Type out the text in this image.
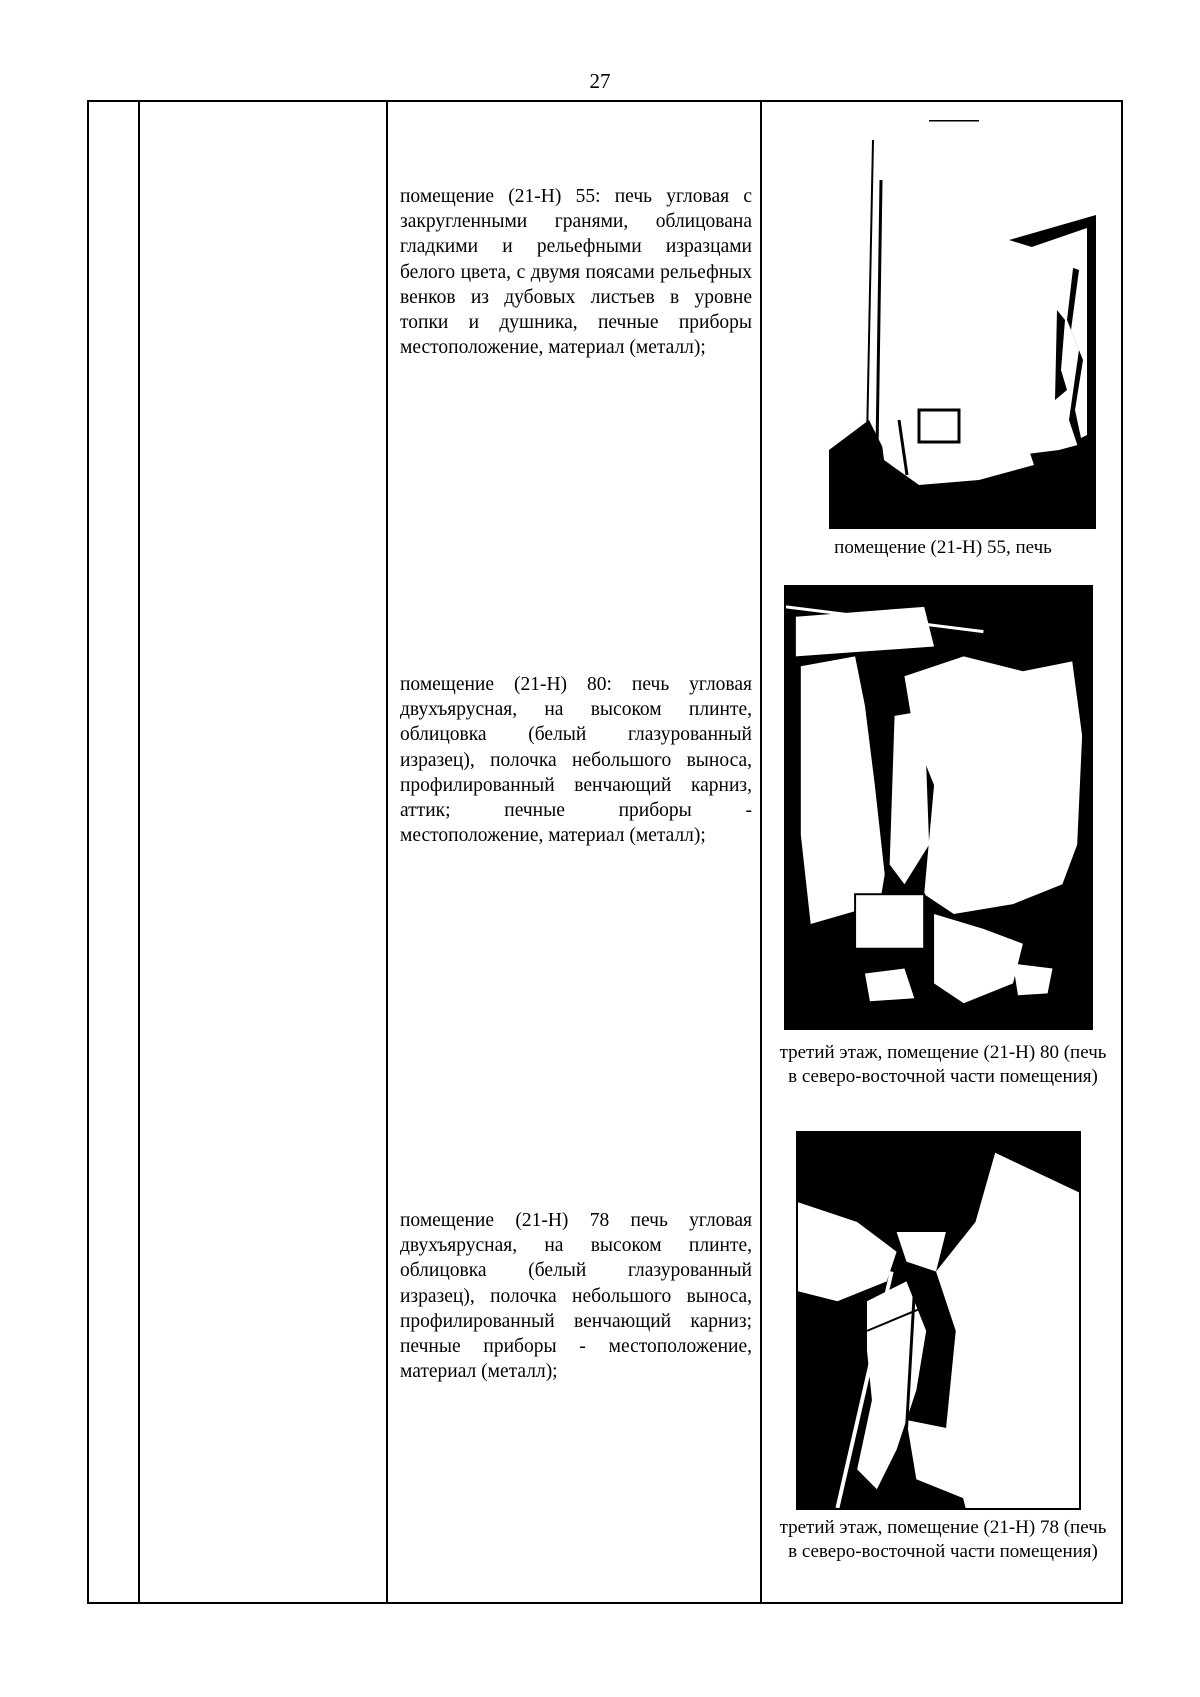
27
помещение (21-Н) 55: печь угловая с закругленными гранями, облицована гладкими и рельефными изразцами белого цвета, с двумя поясами рельефных венков из дубовых листьев в уровне топки и душника, печные приборы местоположение, материал (металл);
помещение (21-Н) 55, печь
помещение (21-Н) 80: печь угловая двухъярусная, на высоком плинте, облицовка (белый глазурованный изразец), полочка небольшого выноса, профилированный венчающий карниз, аттик; печные приборы - местоположение, материал (металл);
третий этаж, помещение (21-Н) 80 (печь в северо-восточной части помещения)
помещение (21-Н) 78 печь угловая двухъярусная, на высоком плинте, облицовка (белый глазурованный изразец), полочка небольшого выноса, профилированный венчающий карниз; печные приборы - местоположение, материал (металл);
третий этаж, помещение (21-Н) 78 (печь в северо-восточной части помещения)
